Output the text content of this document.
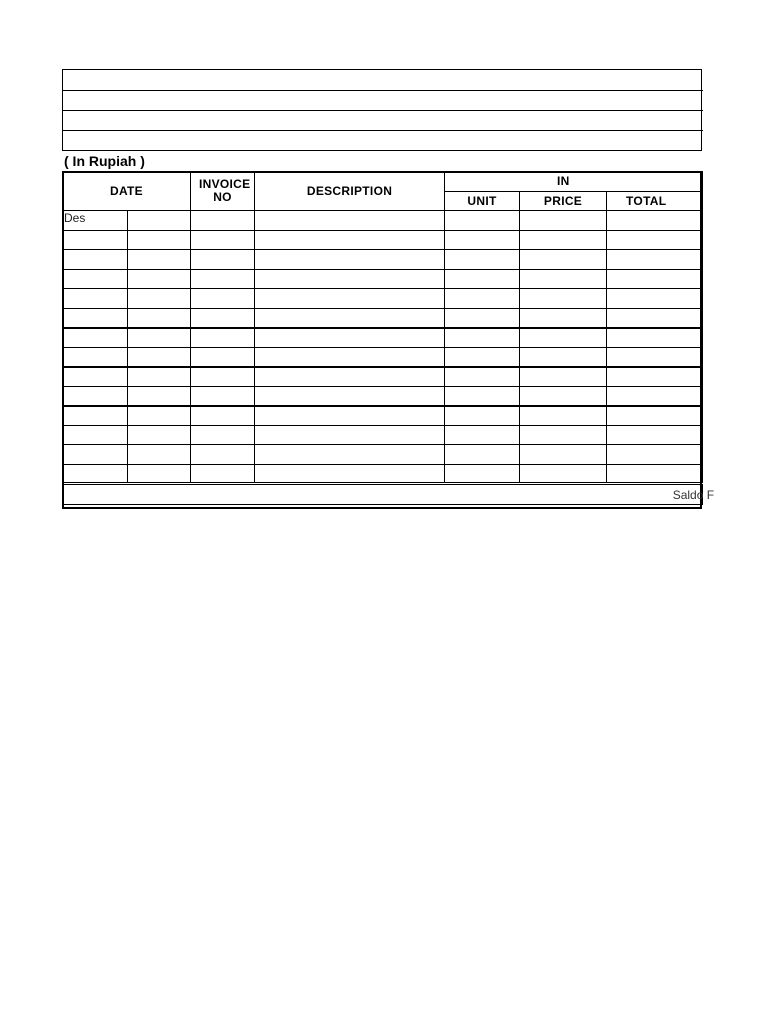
( In Rupiah )
DATE		INVOICE NO	DESCRIPTION	IN		
				UNIT	PRICE	TOTAL
Des						

Saldo F						
